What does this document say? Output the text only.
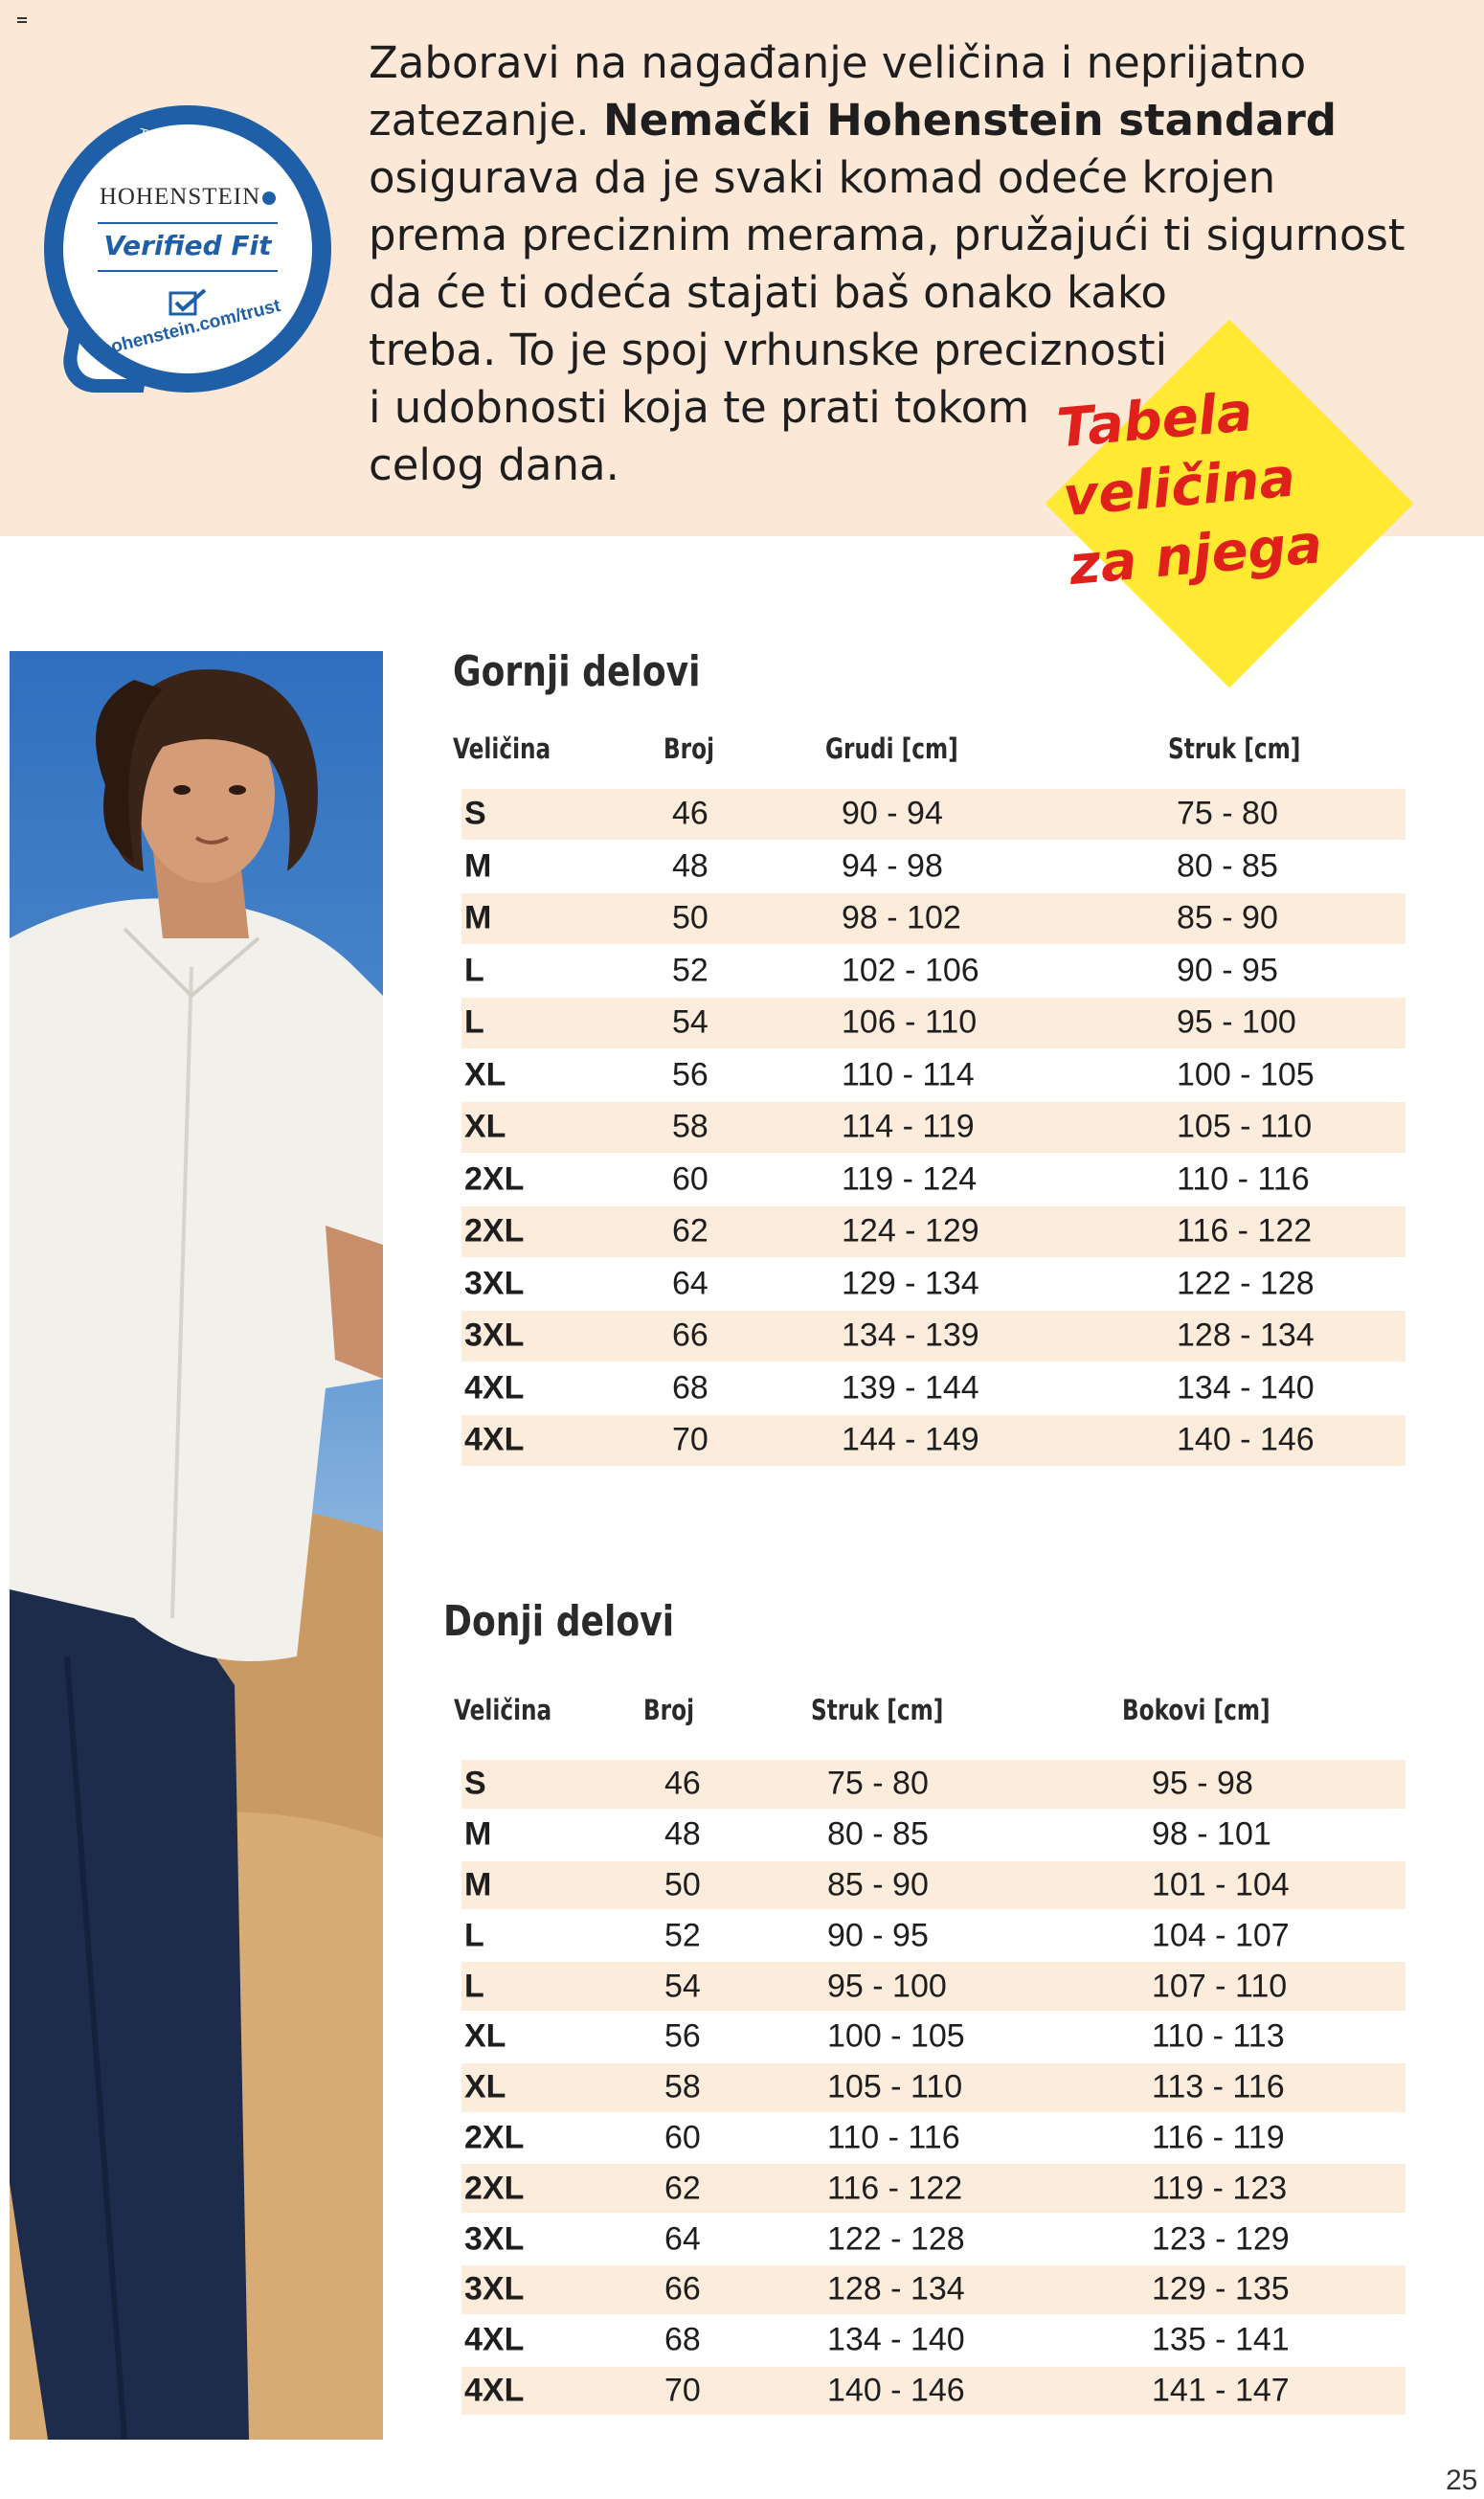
Tested in Germany
HOHENSTEIN
Verified Fit
hohenstein.com/trust
Zaboravi na nagađanje veličina i neprijatno
zatezanje. Nemački Hohenstein standard
osigurava da je svaki komad odeće krojen
prema preciznim merama, pružajući ti sigurnost
da će ti odeća stajati baš onako kako
treba. To je spoj vrhunske preciznosti
i udobnosti koja te prati tokom
celog dana.
Tabela
veličina
za njega
Gornji delovi
Veličina	Broj	Grudi [cm]	Struk [cm]
S	46	90 - 94	75 - 80
M	48	94 - 98	80 - 85
M	50	98 - 102	85 - 90
L	52	102 - 106	90 - 95
L	54	106 - 110	95 - 100
XL	56	110 - 114	100 - 105
XL	58	114 - 119	105 - 110
2XL	60	119 - 124	110 - 116
2XL	62	124 - 129	116 - 122
3XL	64	129 - 134	122 - 128
3XL	66	134 - 139	128 - 134
4XL	68	139 - 144	134 - 140
4XL	70	144 - 149	140 - 146
Donji delovi
Veličina	Broj	Struk [cm]	Bokovi [cm]
S	46	75 - 80	95 - 98
M	48	80 - 85	98 - 101
M	50	85 - 90	101 - 104
L	52	90 - 95	104 - 107
L	54	95 - 100	107 - 110
XL	56	100 - 105	110 - 113
XL	58	105 - 110	113 - 116
2XL	60	110 - 116	116 - 119
2XL	62	116 - 122	119 - 123
3XL	64	122 - 128	123 - 129
3XL	66	128 - 134	129 - 135
4XL	68	134 - 140	135 - 141
4XL	70	140 - 146	141 - 147
25
